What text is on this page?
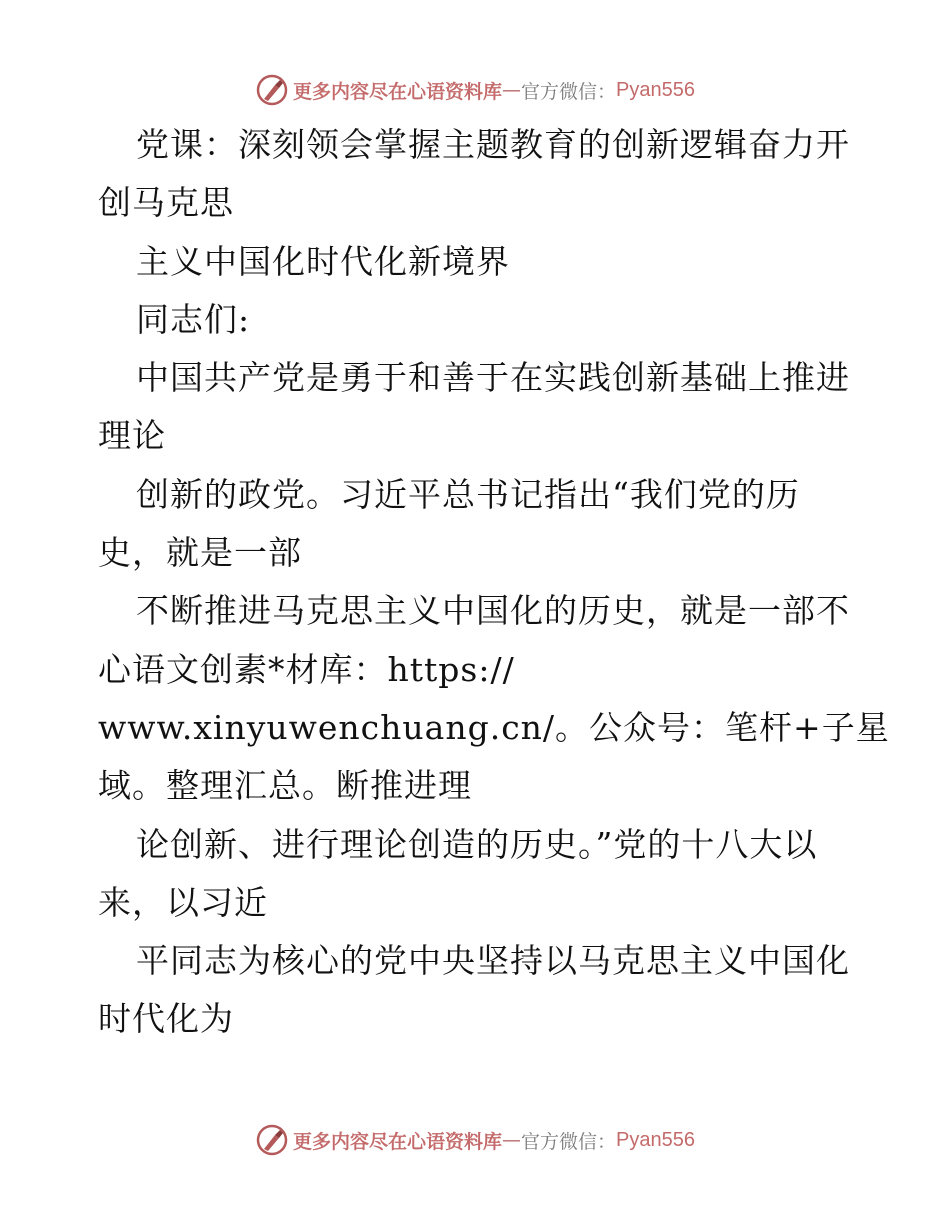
更多内容尽在心语资料库 — 官方微信： Pyan556
党课：深刻领会掌握主题教育的创新逻辑奋力开
创马克思
主义中国化时代化新境界
同志们:
中国共产党是勇于和善于在实践创新基础上推进
理论
创新的政党。习近平总书记指出“我们党的历
史，就是一部
不断推进马克思主义中国化的历史，就是一部不
心语文创素*材库：https://
www.xinyuwenchuang.cn/。公众号：笔杆+子星
域。整理汇总。断推进理
论创新、进行理论创造的历史。”党的十八大以
来，以习近
平同志为核心的党中央坚持以马克思主义中国化
时代化为
更多内容尽在心语资料库 — 官方微信： Pyan556
